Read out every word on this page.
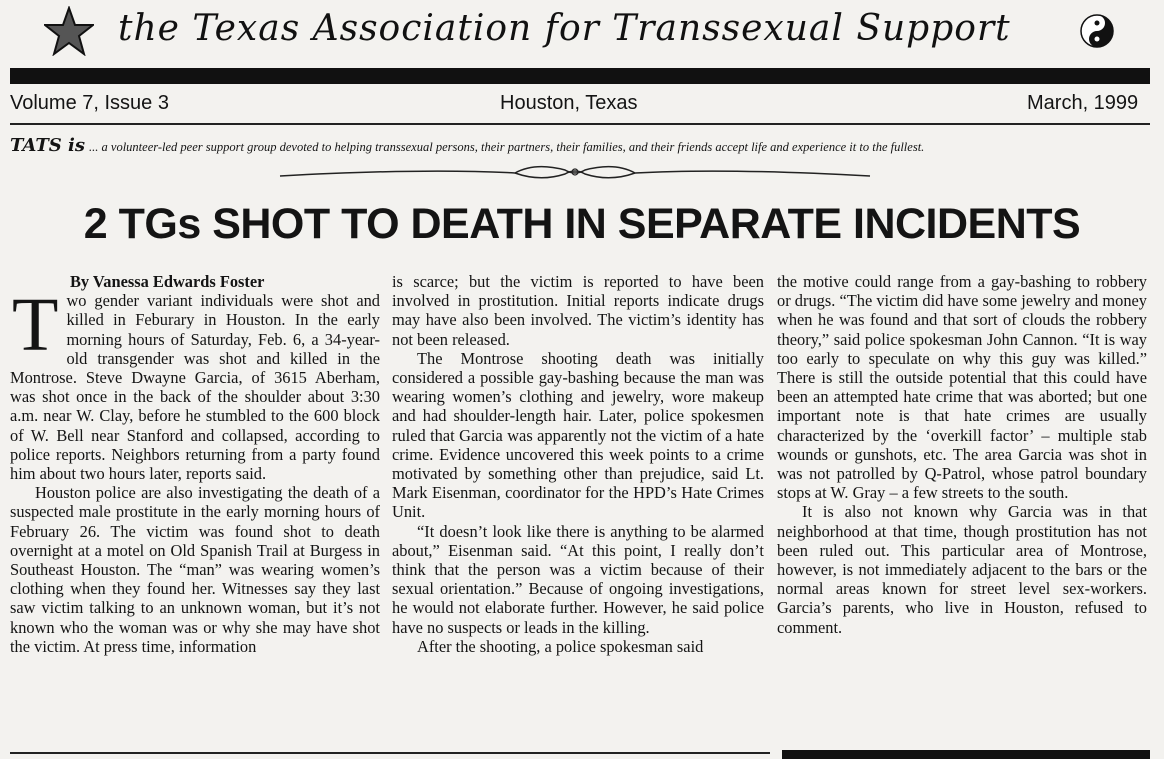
the Texas Association for Transsexual Support
Volume 7, Issue 3	Houston, Texas	March, 1999
TATS is ... a volunteer-led peer support group devoted to helping transsexual persons, their partners, their families, and their friends accept life and experience it to the fullest.
2 TGs SHOT TO DEATH IN SEPARATE INCIDENTS

By Vanessa Edwards Foster

Two gender variant individuals were shot and killed in Feburary in Houston. In the early morning hours of Saturday, Feb. 6, a 34-year-old transgender was shot and killed in the Montrose. Steve Dwayne Garcia, of 3615 Aberham, was shot once in the back of the shoulder about 3:30 a.m. near W. Clay, before he stumbled to the 600 block of W. Bell near Stanford and collapsed, according to police reports. Neighbors returning from a party found him about two hours later, reports said.

Houston police are also investigating the death of a suspected male prostitute in the early morning hours of February 26. The victim was found shot to death overnight at a motel on Old Spanish Trail at Burgess in Southeast Houston. The “man” was wearing women’s clothing when they found her. Witnesses say they last saw victim talking to an unknown woman, but it’s not known who the woman was or why she may have shot the victim. At press time, information

is scarce; but the victim is reported to have been involved in prostitution. Initial reports indicate drugs may have also been involved. The victim’s identity has not been released.

The Montrose shooting death was initially considered a possible gay-bashing because the man was wearing women’s clothing and jewelry, wore makeup and had shoulder-length hair. Later, police spokesmen ruled that Garcia was apparently not the victim of a hate crime. Evidence uncovered this week points to a crime motivated by something other than prejudice, said Lt. Mark Eisenman, coordinator for the HPD’s Hate Crimes Unit.

“It doesn’t look like there is anything to be alarmed about,” Eisenman said. “At this point, I really don’t think that the person was a victim because of their sexual orientation.” Because of ongoing investigations, he would not elaborate further. However, he said police have no suspects or leads in the killing.

After the shooting, a police spokesman said

the motive could range from a gay-bashing to robbery or drugs. “The victim did have some jewelry and money when he was found and that sort of clouds the robbery theory,” said police spokesman John Cannon. “It is way too early to speculate on why this guy was killed.” There is still the outside potential that this could have been an attempted hate crime that was aborted; but one important note is that hate crimes are usually characterized by the ‘overkill factor’ – multiple stab wounds or gunshots, etc. The area Garcia was shot in was not patrolled by Q-Patrol, whose patrol boundary stops at W. Gray – a few streets to the south.

It is also not known why Garcia was in that neighborhood at that time, though prostitution has not been ruled out. This particular area of Montrose, however, is not immediately adjacent to the bars or the normal areas known for street level sex-workers. Garcia’s parents, who live in Houston, refused to comment.
